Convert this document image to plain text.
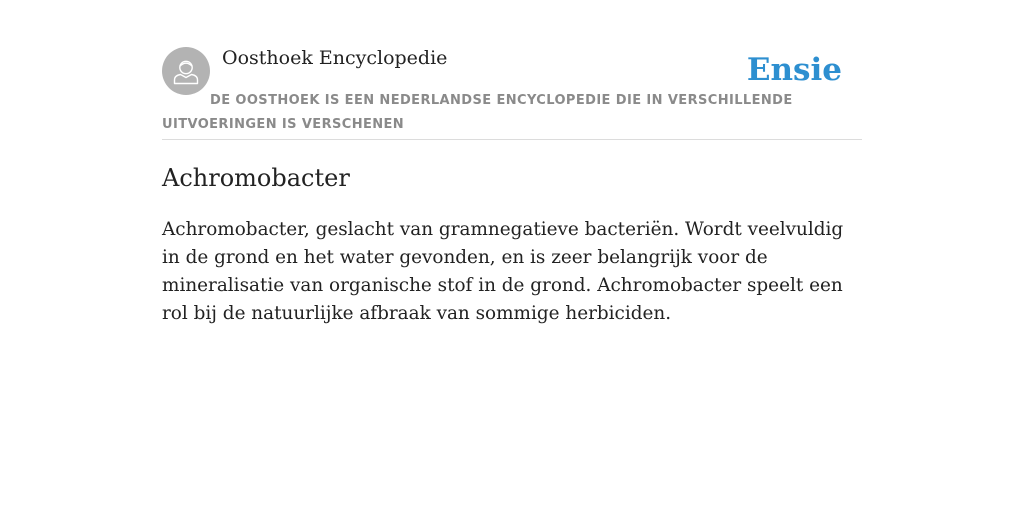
Oosthoek Encyclopedie	Ensie
DE OOSTHOEK IS EEN NEDERLANDSE ENCYCLOPEDIE DIE IN VERSCHILLENDE UITVOERINGEN IS VERSCHENEN
Achromobacter

Achromobacter, geslacht van gramnegatieve bacteriën. Wordt veelvuldig in de grond en het water gevonden, en is zeer belangrijk voor de mineralisatie van organische stof in de grond. Achromobacter speelt een rol bij de natuurlijke afbraak van sommige herbiciden.
